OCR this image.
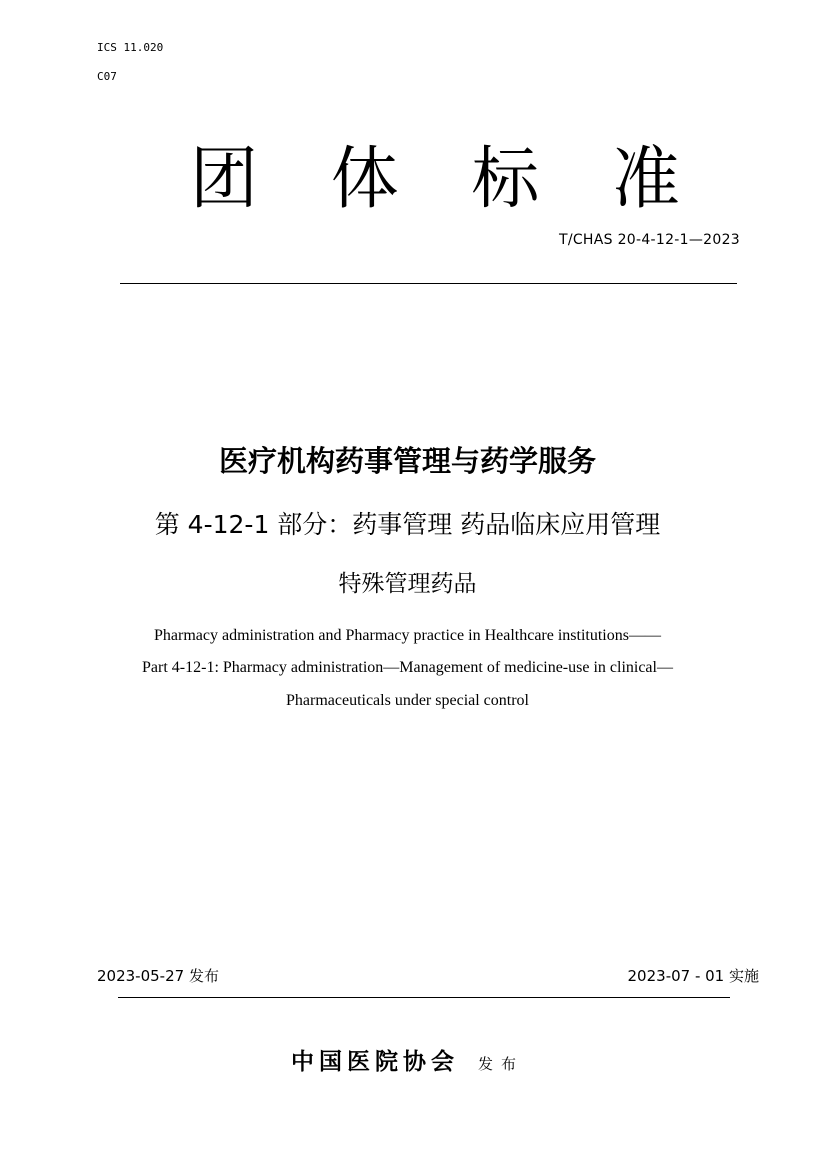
ICS 11.020
C07
团 体 标 准
T/CHAS 20-4-12-1—2023
医疗机构药事管理与药学服务
第 4-12-1 部分：药事管理 药品临床应用管理
特殊管理药品
Pharmacy administration and Pharmacy practice in Healthcare institutions——
Part 4-12-1: Pharmacy administration—Management of medicine-use in clinical—
Pharmaceuticals under special control
2023-05-27 发布	2023-07 - 01 实施
中国医院协会 发布
